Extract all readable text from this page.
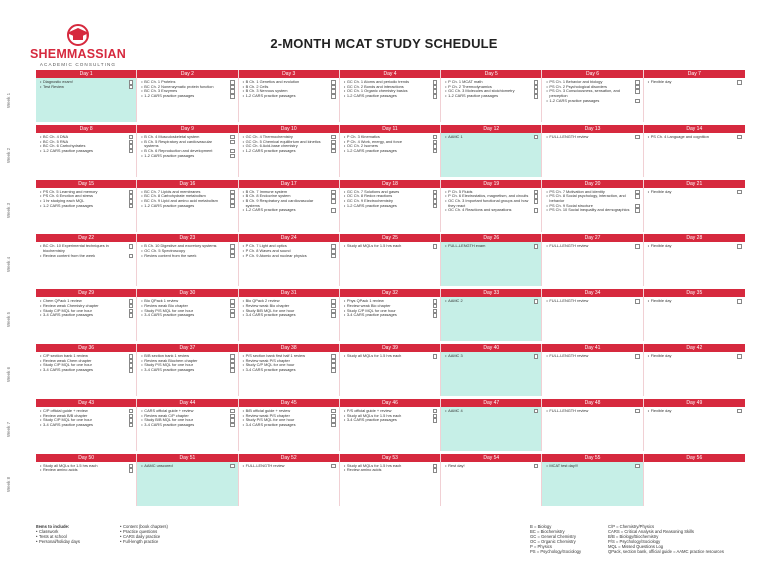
SHEMMASSIAN
ACADEMIC CONSULTING
2-MONTH MCAT STUDY SCHEDULE
Week 1
Day 1
• Diagnostic exam!
• Test Review
Day 2
• BC Ch. 1 Proteins
• BC Ch. 2 Nonenzymatic protein function
• BC Ch. 3 Enzymes
• 1-2 CARS practice passages
Day 3
• B Ch. 1 Genetics and evolution
• B Ch. 2 Cells
• B Ch. 3 Nervous system
• 1-2 CARS practice passages
Day 4
• GC Ch. 1 Atoms and periodic trends
• GC Ch. 2 Bonds and interactions
• OC Ch. 1 Organic chemistry basics
• 1-2 CARS practice passages
Day 5
• P Ch. 1 MCAT math
• P Ch. 2 Thermodynamics
• GC Ch. 3 Molecules and stoichiometry
• 1-2 CARS practice passages
Day 6
• PS Ch. 1 Behavior and biology
• PS Ch. 2 Psychological disorders
• PS Ch. 3 Consciousness, sensation, and perception
• 1-2 CARS practice passages
Day 7
• Flexible day
Week 2
Day 8
• BC Ch. 4 DNA
• BC Ch. 5 RNA
• BC Ch. 6 Carbohydrates
• 1-2 CARS practice passages
Day 9
• B Ch. 4 Musculoskeletal system
• B Ch. 5 Respiratory and cardiovascular systems
• B Ch. 6 Reproduction and development
• 1-2 CARS practice passages
Day 10
• GC Ch. 4 Thermochemistry
• GC Ch. 5 Chemical equilibrium and kinetics
• GC Ch. 6 Acid-base chemistry
• 1-2 CARS practice passages
Day 11
• P Ch. 3 Kinematics
• P Ch. 4 Work, energy, and force
• OC Ch. 2 Isomers
• 1-2 CARS practice passages
Day 12
• AAMC 1
Day 13
• FULL-LENGTH review
Day 14
• PS Ch. 4 Language and cognition
Week 3
Day 15
• PS Ch. 5 Learning and memory
• PS Ch. 6 Emotion and stress
• 1 hr studying each MQL
• 1-2 CARS practice passages
Day 16
• BC Ch. 7 Lipids and membranes
• BC Ch. 8 Carbohydrate metabolism
• BC Ch. 9 Lipid and amino acid metabolism
• 1-2 CARS practice passages
Day 17
• B Ch. 7 Immune system
• B Ch. 8 Endocrine system
• B Ch. 9 Respiratory and cardiovascular systems
• 1-2 CARS practice passages
Day 18
• GC Ch. 7 Solutions and gases
• OC Ch. 8 Redox reactions
• GC Ch. 9 Electrochemistry
• 1-2 CARS practice passages
Day 19
• P Ch. 5 Fluids
• P Ch. 6 Electrostatics, magnetism, and circuits
• OC Ch. 3 Important functional groups and how they react
• OC Ch. 4 Reactions and separations
Day 20
• PS Ch. 7 Motivation and identity
• PS Ch. 8 Social psychology, interaction, and behavior
• PS Ch. 9 Social structure
• PS Ch. 10 Social inequality and demographics
Day 21
• Flexible day
Week 4
Day 22
• BC Ch. 10 Experimental techniques in biochemistry
• Review content from the week
Day 23
• B Ch. 10 Digestive and excretory systems
• OC Ch. 5 Spectroscopy
• Review content from the week
Day 24
• P Ch. 7 Light and optics
• P Ch. 8 Waves and sound
• P Ch. 9 Atomic and nuclear physics
Day 25
• Study all MQLs for 1.5 hrs each
Day 26
• FULL-LENGTH exam
Day 27
• FULL-LENGTH review
Day 28
• Flexible day
Week 5
Day 29
• Chem QPack 1 review
• Review weak Chemistry chapter
• Study C/P MQL for one hour
• 3-4 CARS practice passages
Day 30
• Bio QPack 1 review
• Review weak Bio chapter
• Study P/S MQL for one hour
• 3-4 CARS practice passages
Day 31
• Bio QPack 2 review
• Review weak Bio chapter
• Study B/B MQL for one hour
• 3-4 CARS practice passages
Day 32
• Phys QPack 1 review
• Review weak Bio chapter
• Study C/P MQL for one hour
• 3-4 CARS practice passages
Day 33
• AAMC 2
Day 34
• FULL-LENGTH review
Day 35
• Flexible day
Week 6
Day 36
• C/P section bank 1 review
• Review weak Chem chapter
• Study C/P MQL for one hour
• 3-4 CARS practice passages
Day 37
• B/B section bank 1 review
• Review weak Biochem chapter
• Study P/S MQL for one hour
• 3-4 CARS practice passages
Day 38
• P/S section bank first half 1 review
• Review weak P/S chapter
• Study C/P MQL for one hour
• 3-4 CARS practice passages
Day 39
• Study all MQLs for 1.5 hrs each
Day 40
• AAMC 3
Day 41
• FULL-LENGTH review
Day 42
• Flexible day
Week 7
Day 43
• C/P official guide + review
• Review weak B/B chapter
• Study C/P MQL for one hour
• 3-4 CARS practice passages
Day 44
• CARS official guide + review
• Review weak C/P chapter
• Study B/B MQL for one hour
• 3-4 CARS practice passages
Day 45
• B/B official guide + review
• Review weak P/S chapter
• Study P/S MQL for one hour
• 3-4 CARS practice passages
Day 46
• P/S official guide + review
• Study all MQLs for 1.5 hrs each
• 3-4 CARS practice passages
Day 47
• AAMC 4
Day 48
• FULL-LENGTH review
Day 49
• Flexible day
Week 8
Day 50
• Study all MQLs for 1.5 hrs each
• Review amino acids
Day 51
• AAMC unscored
Day 52
• FULL-LENGTH review
Day 53
• Study all MQLs for 1.5 hrs each
• Review amino acids
Day 54
• Rest day!
Day 55
• MCAT test day!!!
Day 56
Items to include:
• Classwork
• Tests at school
• Personal/holiday days
• Content (book chapters)
• Practice questions
• CARS daily practice
• Full-length practice
B = Biology
BC = Biochemistry
GC = General Chemistry
OC = Organic Chemistry
P = Physics
PS = Psychology/Sociology
C/P = Chemistry/Physics
CARS = Critical Analysis and Reasoning Skills
B/B = Biology/Biochemistry
P/S = Psychology/Sociology
MQL = Missed Questions Log
QPack, section bank, official guide = AAMC practice resources
